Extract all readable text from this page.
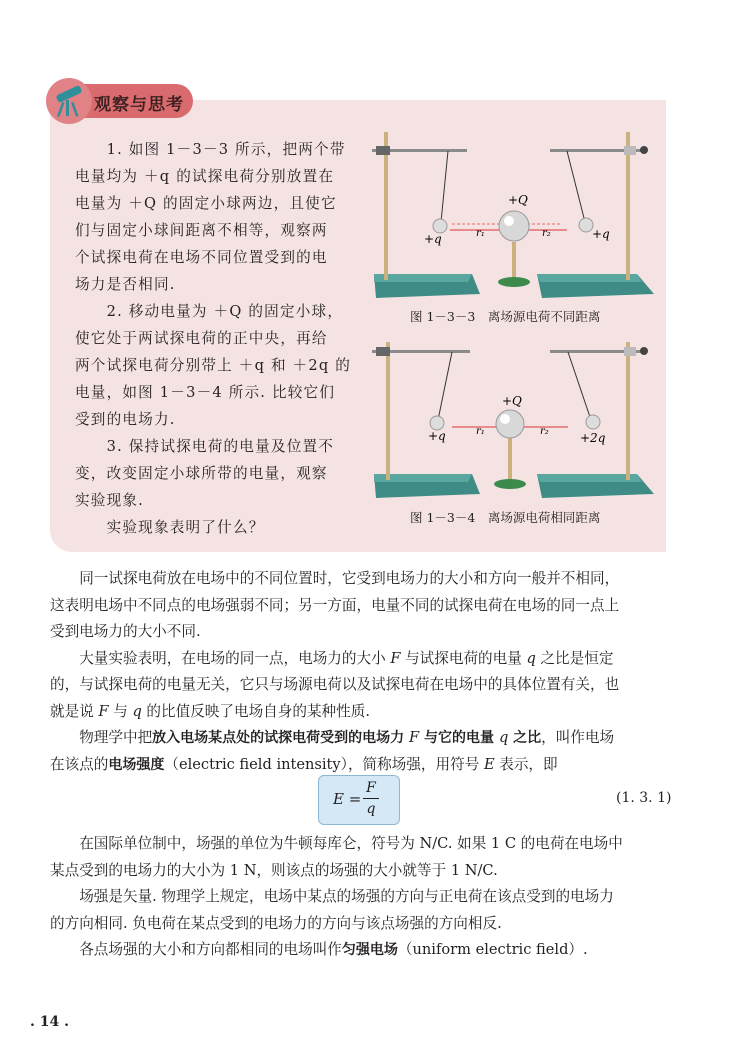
观察与思考
　　1. 如图 1－3－3 所示，把两个带
电量均为 ＋q 的试探电荷分别放置在
电量为 ＋Q 的固定小球两边，且使它
们与固定小球间距离不相等，观察两
个试探电荷在电场不同位置受到的电
场力是否相同.
　　2. 移动电量为 ＋Q 的固定小球，
使它处于两试探电荷的正中央，再给
两个试探电荷分别带上 ＋q 和 ＋2q 的
电量，如图 1－3－4 所示. 比较它们
受到的电场力.
　　3. 保持试探电荷的电量及位置不
变，改变固定小球所带的电量，观察
实验现象.
　　实验现象表明了什么？
+Q
+q	+q
r₁	r₂
图 1－3－3　离场源电荷不同距离
+Q
+q	+2q
r₁	r₂
图 1－3－4　离场源电荷相同距离
　　同一试探电荷放在电场中的不同位置时，它受到电场力的大小和方向一般并不相同，
这表明电场中不同点的电场强弱不同；另一方面，电量不同的试探电荷在电场的同一点上
受到电场力的大小不同.
　　大量实验表明，在电场的同一点，电场力的大小 F 与试探电荷的电量 q 之比是恒定
的，与试探电荷的电量无关，它只与场源电荷以及试探电荷在电场中的具体位置有关，也
就是说 F 与 q 的比值反映了电场自身的某种性质.
　　物理学中把放入电场某点处的试探电荷受到的电场力 F 与它的电量 q 之比，叫作电场
在该点的电场强度（electric field intensity），简称场强，用符号 E 表示，即
　　在国际单位制中，场强的单位为牛顿每库仑，符号为 N/C. 如果 1 C 的电荷在电场中
某点受到的电场力的大小为 1 N，则该点的场强的大小就等于 1 N/C.
　　场强是矢量. 物理学上规定，电场中某点的场强的方向与正电荷在该点受到的电场力
的方向相同. 负电荷在某点受到的电场力的方向与该点场强的方向相反.
　　各点场强的大小和方向都相同的电场叫作匀强电场（uniform electric field）.
E =
F
q
(1. 3. 1)
. 14 .
